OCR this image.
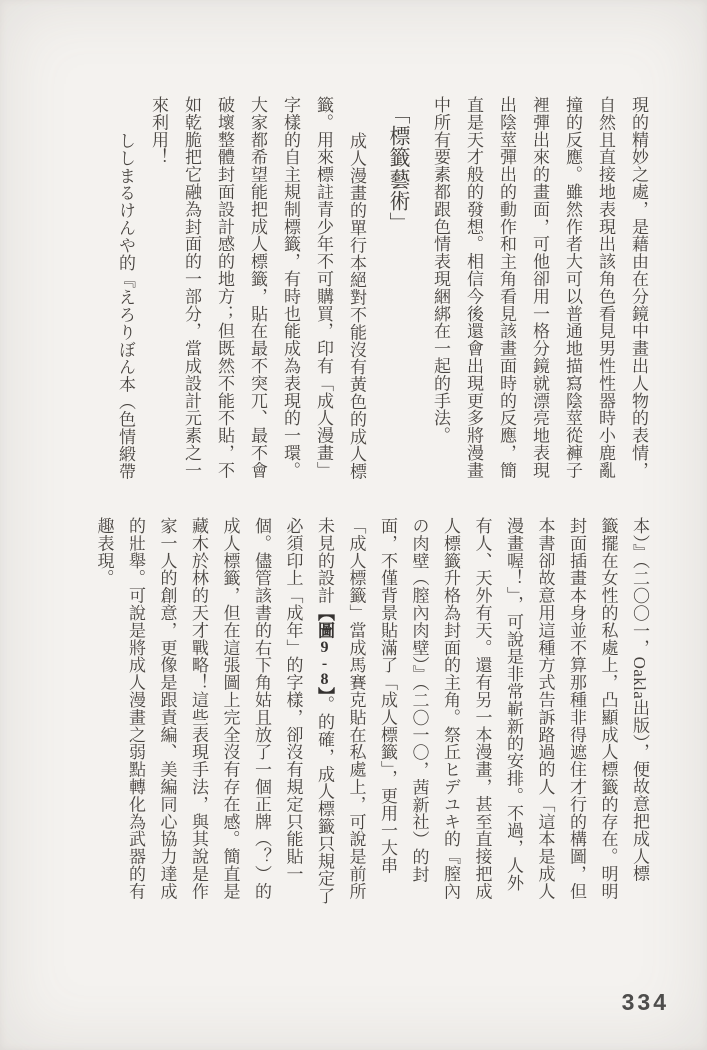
現的精妙之處，是藉由在分鏡中畫出人物的表情，
自然且直接地表現出該角色看見男性性器時小鹿亂
撞的反應。雖然作者大可以普通地描寫陰莖從褲子
裡彈出來的畫面，可他卻用一格分鏡就漂亮地表現
出陰莖彈出的動作和主角看見該畫面時的反應，簡
直是天才般的發想。相信今後還會出現更多將漫畫
中所有要素都跟色情表現綑綁在一起的手法。
「標籤藝術」
成人漫畫的單行本絕對不能沒有黃色的成人標
籤。用來標註青少年不可購買，印有「成人漫畫」
字樣的自主規制標籤，有時也能成為表現的一環。
大家都希望能把成人標籤，貼在最不突兀、最不會
破壞整體封面設計感的地方；但既然不能不貼，不
如乾脆把它融為封面的一部分，當成設計元素之一
來利用！
ししまるけんや的『えろりぼん本（色情緞帶
本）』（二〇〇一，Oakla出版），便故意把成人標
籤擺在女性的私處上，凸顯成人標籤的存在。明明
封面插畫本身並不算那種非得遮住才行的構圖，但
本書卻故意用這種方式告訴路過的人「這本是成人
漫畫喔！」，可說是非常嶄新的安排。不過，人外
有人、天外有天。還有另一本漫畫，甚至直接把成
人標籤升格為封面的主角。祭丘ヒデユキ的『膣內
の肉壁（膣內肉壁）』（二〇一〇，茜新社）的封
面，不僅背景貼滿了「成人標籤」，更用一大串
「成人標籤」當成馬賽克貼在私處上，可說是前所
未見的設計【圖9-8】。的確，成人標籤只規定了
必須印上「成年」的字樣，卻沒有規定只能貼一
個。儘管該書的右下角姑且放了一個正牌（？）的
成人標籤，但在這張圖上完全沒有存在感。簡直是
藏木於林的天才戰略！這些表現手法，與其說是作
家一人的創意，更像是跟責編、美編同心協力達成
的壯舉。可說是將成人漫畫之弱點轉化為武器的有
趣表現。
334
